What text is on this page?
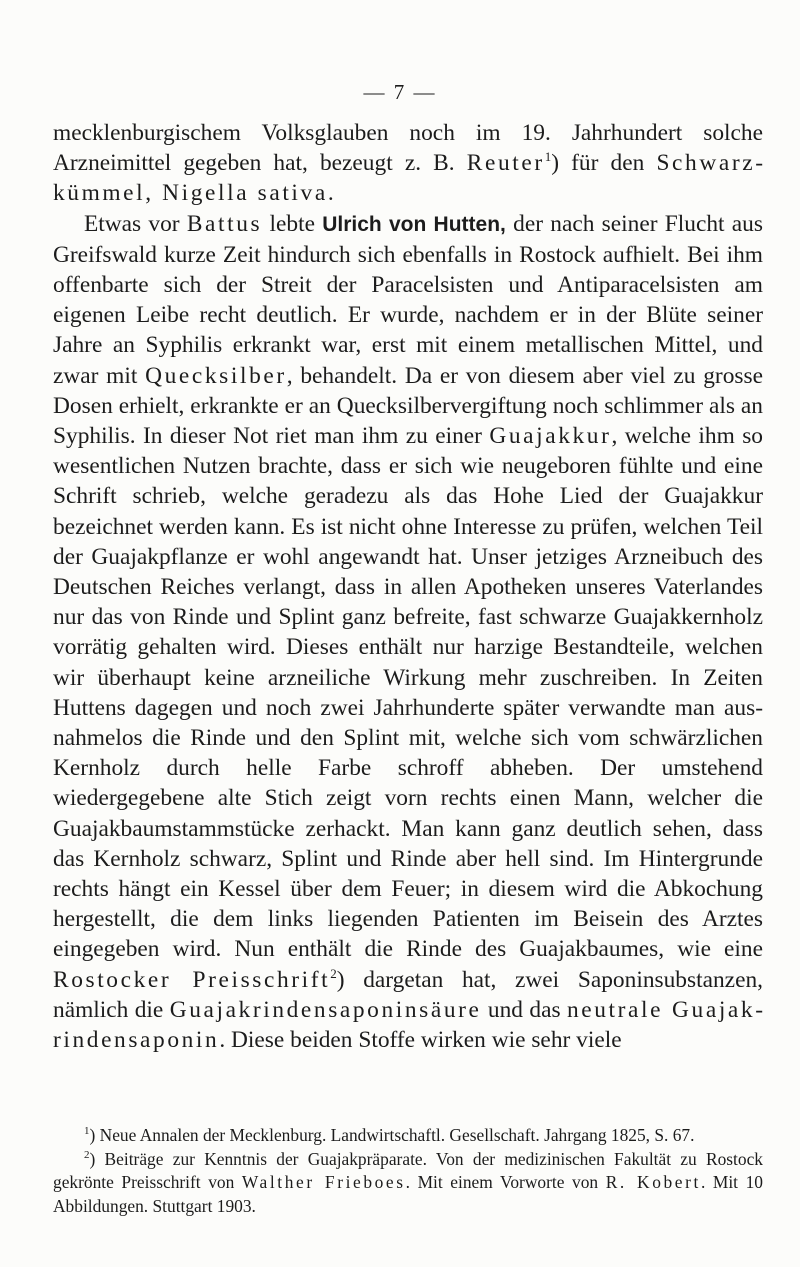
— 7 —

mecklenburgischem Volksglauben noch im 19. Jahrhundert solche Arzneimittel gegeben hat, bezeugt z. B. Reuter$^1$) für den Schwarzkümmel, Nigella sativa.

Etwas vor Battus lebte Ulrich von Hutten, der nach seiner Flucht aus Greifswald kurze Zeit hindurch sich ebenfalls in Rostock aufhielt. Bei ihm offenbarte sich der Streit der Paracelsisten und Antiparacelsisten am eigenen Leibe recht deutlich. Er wurde, nachdem er in der Blüte seiner Jahre an Syphilis erkrankt war, erst mit einem metallischen Mittel, und zwar mit Quecksilber, behandelt. Da er von diesem aber viel zu grosse Dosen erhielt, erkrankte er an Quecksilbervergiftung noch schlimmer als an Syphilis. In dieser Not riet man ihm zu einer Guajakkur, welche ihm so wesentlichen Nutzen brachte, dass er sich wie neugeboren fühlte und eine Schrift schrieb, welche geradezu als das Hohe Lied der Guajakkur bezeichnet werden kann. Es ist nicht ohne Interesse zu prüfen, welchen Teil der Guajakpflanze er wohl angewandt hat. Unser jetziges Arzneibuch des Deutschen Reiches verlangt, dass in allen Apotheken unseres Vaterlandes nur das von Rinde und Splint ganz befreite, fast schwarze Guajakkernholz vorrätig gehalten wird. Dieses enthält nur harzige Bestandteile, welchen wir überhaupt keine arzneiliche Wirkung mehr zuschreiben. In Zeiten Huttens dagegen und noch zwei Jahrhunderte später verwandte man ausnahmelos die Rinde und den Splint mit, welche sich vom schwärzlichen Kernholz durch helle Farbe schroff abheben. Der umstehend wiedergegebene alte Stich zeigt vorn rechts einen Mann, welcher die Guajakbaumstammstücke zerhackt. Man kann ganz deutlich sehen, dass das Kernholz schwarz, Splint und Rinde aber hell sind. Im Hintergrunde rechts hängt ein Kessel über dem Feuer; in diesem wird die Abkochung hergestellt, die dem links liegenden Patienten im Beisein des Arztes eingegeben wird. Nun enthält die Rinde des Guajakbaumes, wie eine Rostocker Preisschrift$^2$) dargetan hat, zwei Saponinsubstanzen, nämlich die Guajakrindensaponinsäure und das neutrale Guajakrindensaponin. Diese beiden Stoffe wirken wie sehr viele

$^1$) Neue Annalen der Mecklenburg. Landwirtschaftl. Gesellschaft. Jahrgang 1825, S. 67.

$^2$) Beiträge zur Kenntnis der Guajakpräparate. Von der medizinischen Fakultät zu Rostock gekrönte Preisschrift von Walther Frieboes. Mit einem Vorworte von R. Kobert. Mit 10 Abbildungen. Stuttgart 1903.
